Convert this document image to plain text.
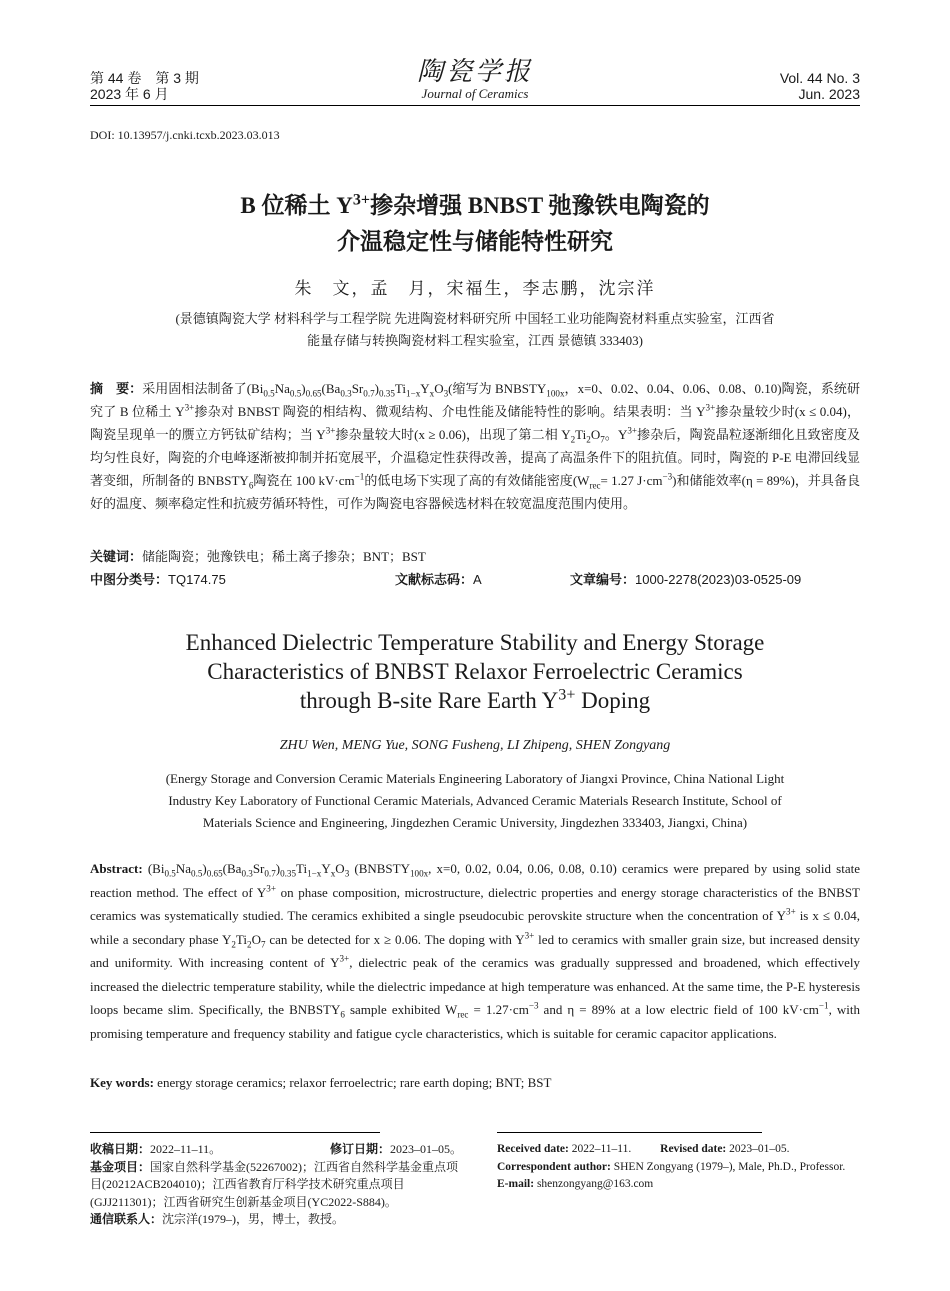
第 44 卷　第 3 期
2023 年 6 月
陶瓷学报
Journal of Ceramics
Vol. 44 No. 3
Jun. 2023
DOI: 10.13957/j.cnki.tcxb.2023.03.013
B 位稀土 $Y^{3+}$掺杂增强 BNBST 弛豫铁电陶瓷的
介温稳定性与储能特性研究
朱　文，孟　月，宋福生，李志鹏，沈宗洋
(景德镇陶瓷大学 材料科学与工程学院 先进陶瓷材料研究所 中国轻工业功能陶瓷材料重点实验室，江西省
能量存储与转换陶瓷材料工程实验室，江西 景德镇 333403)
摘　要：采用固相法制备了$(Bi_{0.5}Na_{0.5})_{0.65}(Ba_{0.3}Sr_{0.7})_{0.35}Ti_{1-x}Y_xO_3$(缩写为 $BNBSTY_{100x}$，x=0、0.02、0.04、0.06、0.08、0.10)陶瓷，系统研究了 B 位稀土 $Y^{3+}$掺杂对 BNBST 陶瓷的相结构、微观结构、介电性能及储能特性的影响。结果表明：当 $Y^{3+}$掺杂量较少时(x ≤ 0.04)，陶瓷呈现单一的赝立方钙钛矿结构；当 $Y^{3+}$掺杂量较大时(x ≥ 0.06)，出现了第二相 $Y_2Ti_2O_7$。$Y^{3+}$掺杂后，陶瓷晶粒逐渐细化且致密度及均匀性良好，陶瓷的介电峰逐渐被抑制并拓宽展平，介温稳定性获得改善，提高了高温条件下的阻抗值。同时，陶瓷的 P-E 电滞回线显著变细，所制备的 $BNBSTY_6$陶瓷在 100 $kV\cdot cm^{-1}$的低电场下实现了高的有效储能密度($W_{rec}= 1.27$ $J\cdot cm^{-3}$)和储能效率(η = 89%)，并具备良好的温度、频率稳定性和抗疲劳循环特性，可作为陶瓷电容器候选材料在较宽温度范围内使用。
关键词：储能陶瓷；弛豫铁电；稀土离子掺杂；BNT；BST
中图分类号：TQ174.75	文献标志码：A	文章编号：1000-2278(2023)03-0525-09
Enhanced Dielectric Temperature Stability and Energy Storage
Characteristics of BNBST Relaxor Ferroelectric Ceramics
through B-site Rare Earth $Y^{3+}$ Doping
ZHU Wen, MENG Yue, SONG Fusheng, LI Zhipeng, SHEN Zongyang
(Energy Storage and Conversion Ceramic Materials Engineering Laboratory of Jiangxi Province, China National Light
Industry Key Laboratory of Functional Ceramic Materials, Advanced Ceramic Materials Research Institute, School of
Materials Science and Engineering, Jingdezhen Ceramic University, Jingdezhen 333403, Jiangxi, China)
Abstract: $(Bi_{0.5}Na_{0.5})_{0.65}(Ba_{0.3}Sr_{0.7})_{0.35}Ti_{1-x}Y_xO_3$ ($BNBSTY_{100x}$, x=0, 0.02, 0.04, 0.06, 0.08, 0.10) ceramics were prepared by using solid state reaction method. The effect of $Y^{3+}$ on phase composition, microstructure, dielectric properties and energy storage characteristics of the BNBST ceramics was systematically studied. The ceramics exhibited a single pseudocubic perovskite structure when the concentration of $Y^{3+}$ is x ≤ 0.04, while a secondary phase $Y_2Ti_2O_7$ can be detected for x ≥ 0.06. The doping with $Y^{3+}$ led to ceramics with smaller grain size, but increased density and uniformity. With increasing content of $Y^{3+}$, dielectric peak of the ceramics was gradually suppressed and broadened, which effectively increased the dielectric temperature stability, while the dielectric impedance at high temperature was enhanced. At the same time, the P-E hysteresis loops became slim. Specifically, the $BNBSTY_6$ sample exhibited $W_{rec} = 1.27\cdot cm^{-3}$ and η = 89% at a low electric field of 100 $kV\cdot cm^{-1}$, with promising temperature and frequency stability and fatigue cycle characteristics, which is suitable for ceramic capacitor applications.
Key words: energy storage ceramics; relaxor ferroelectric; rare earth doping; BNT; BST
收稿日期：2022–11–11。	修订日期：2023–01–05。
基金项目：国家自然科学基金(52267002)；江西省自然科学基金重点项目(20212ACB204010)；江西省教育厅科学技术研究重点项目(GJJ211301)；江西省研究生创新基金项目(YC2022-S884)。
通信联系人：沈宗洋(1979–)，男，博士，教授。
Received date: 2022–11–11.	Revised date: 2023–01–05.
Correspondent author: SHEN Zongyang (1979–), Male, Ph.D., Professor.
E-mail: shenzongyang@163.com
